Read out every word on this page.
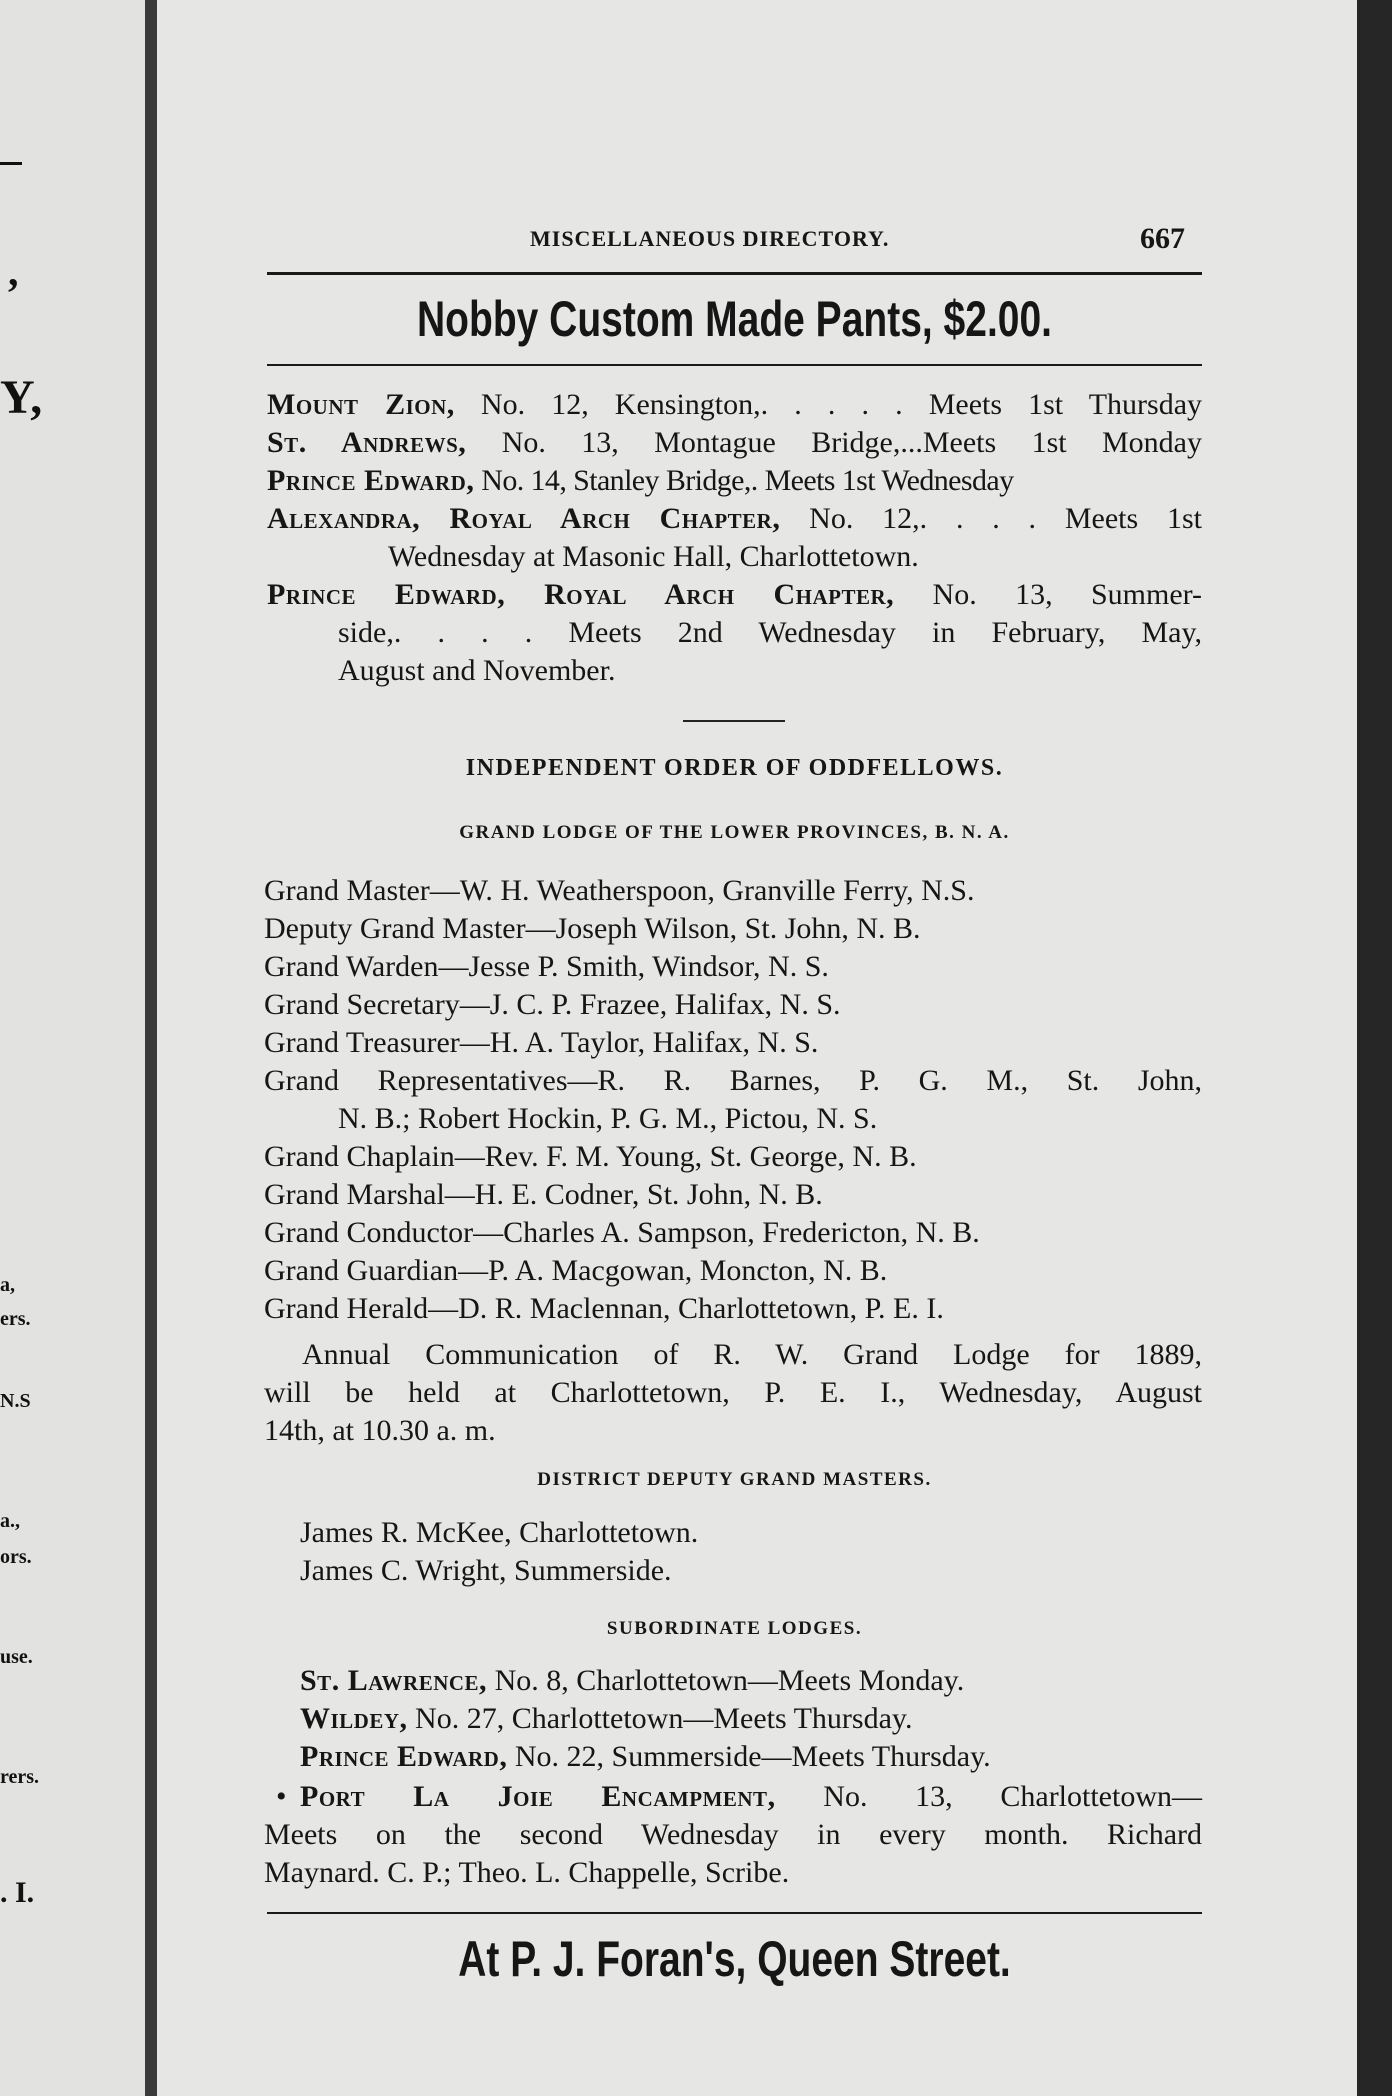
,
Y,
a,
ers.
N.S
a.,
ors.
use.
rers.
. I.
MISCELLANEOUS DIRECTORY.	667
Nobby Custom Made Pants, $2.00.
Mount Zion, No. 12, Kensington,. . . . . Meets 1st Thursday
St. Andrews, No. 13, Montague Bridge,...Meets 1st Monday
Prince Edward, No. 14, Stanley Bridge,. Meets 1st Wednesday
Alexandra, Royal Arch Chapter, No. 12,. . . . Meets 1st
Wednesday at Masonic Hall, Charlottetown.
Prince Edward, Royal Arch Chapter, No. 13, Summer-
side,. . . . Meets 2nd Wednesday in February, May,
August and November.
INDEPENDENT ORDER OF ODDFELLOWS.
GRAND LODGE OF THE LOWER PROVINCES, B. N. A.
Grand Master—W. H. Weatherspoon, Granville Ferry, N.S.
Deputy Grand Master—Joseph Wilson, St. John, N. B.
Grand Warden—Jesse P. Smith, Windsor, N. S.
Grand Secretary—J. C. P. Frazee, Halifax, N. S.
Grand Treasurer—H. A. Taylor, Halifax, N. S.
Grand Representatives—R. R. Barnes, P. G. M., St. John,
N. B.; Robert Hockin, P. G. M., Pictou, N. S.
Grand Chaplain—Rev. F. M. Young, St. George, N. B.
Grand Marshal—H. E. Codner, St. John, N. B.
Grand Conductor—Charles A. Sampson, Fredericton, N. B.
Grand Guardian—P. A. Macgowan, Moncton, N. B.
Grand Herald—D. R. Maclennan, Charlottetown, P. E. I.
Annual Communication of R. W. Grand Lodge for 1889,
will be held at Charlottetown, P. E. I., Wednesday, August
14th, at 10.30 a. m.
DISTRICT DEPUTY GRAND MASTERS.
James R. McKee, Charlottetown.
James C. Wright, Summerside.
SUBORDINATE LODGES.
St. Lawrence, No. 8, Charlottetown—Meets Monday.
Wildey, No. 27, Charlottetown—Meets Thursday.
Prince Edward, No. 22, Summerside—Meets Thursday.
• Port La Joie Encampment, No. 13, Charlottetown—
Meets on the second Wednesday in every month. Richard
Maynard. C. P.; Theo. L. Chappelle, Scribe.
At P. J. Foran's, Queen Street.
